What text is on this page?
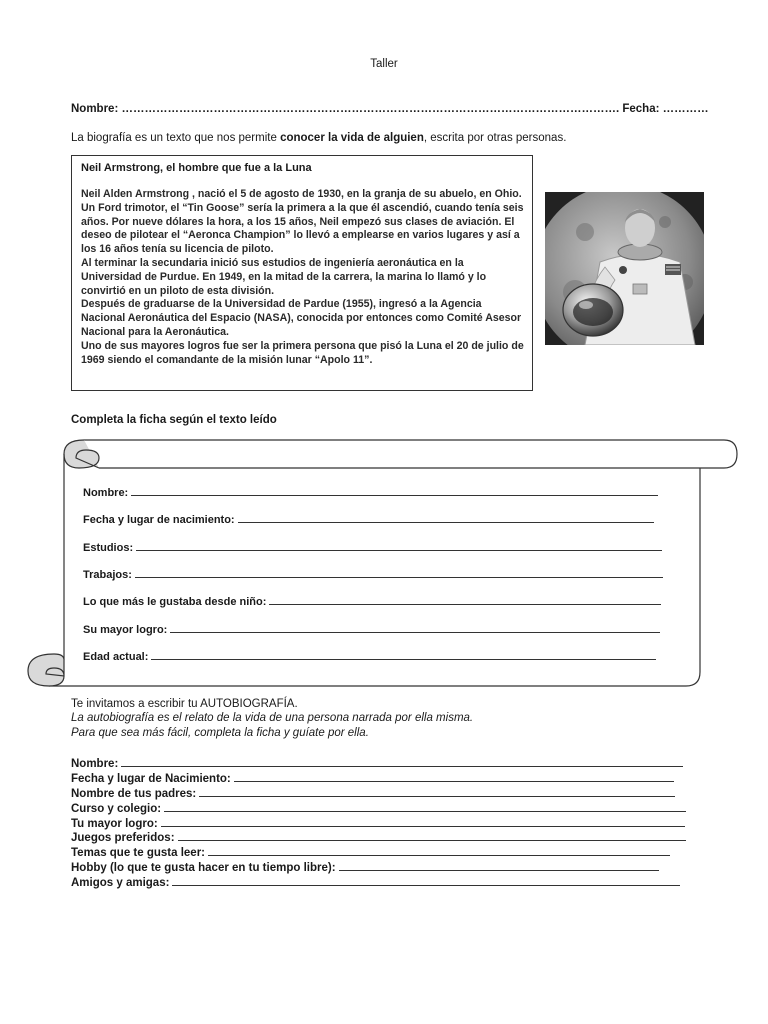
Taller
Nombre: …………………………………………………………………………………………………………………. Fecha: …………
La biografía es un texto que nos permite conocer la vida de alguien, escrita por otras personas.
Neil Armstrong, el hombre que fue a la Luna

Neil Alden Armstrong , nació el 5 de agosto de 1930, en la granja de su abuelo, en Ohio.

Un Ford trimotor, el “Tin Goose” sería la primera a la que él ascendió, cuando tenía seis años. Por nueve dólares la hora, a los 15 años, Neil empezó sus clases de aviación. El deseo de pilotear el “Aeronca Champion” lo llevó a emplearse en varios lugares y así a los 16 años tenía su licencia de piloto.

Al terminar la secundaria inició sus estudios de ingeniería aeronáutica en la Universidad de Purdue. En 1949, en la mitad de la carrera, la marina lo llamó y lo convirtió en un piloto de esta división.

Después de graduarse de la Universidad de Pardue (1955), ingresó a la Agencia Nacional Aeronáutica del Espacio (NASA), conocida por entonces como Comité Asesor Nacional para la Aeronáutica.

Uno de sus mayores logros fue ser la primera persona que pisó la Luna el 20 de julio de 1969 siendo el comandante de la misión lunar “Apolo 11”.

Completa la ficha según el texto leído
Nombre:
Fecha y lugar de nacimiento:
Estudios:
Trabajos:
Lo que más le gustaba desde niño:
Su mayor logro:
Edad actual:
Te invitamos a escribir tu AUTOBIOGRAFÍA.
La autobiografía es el relato de la vida de una persona narrada por ella misma.
Para que sea más fácil, completa la ficha y guíate por ella.
Nombre:
Fecha y lugar de Nacimiento:
Nombre de tus padres:
Curso y colegio:
Tu mayor logro:
Juegos preferidos:
Temas que te gusta leer:
Hobby (lo que te gusta hacer en tu tiempo libre):
Amigos y amigas:
